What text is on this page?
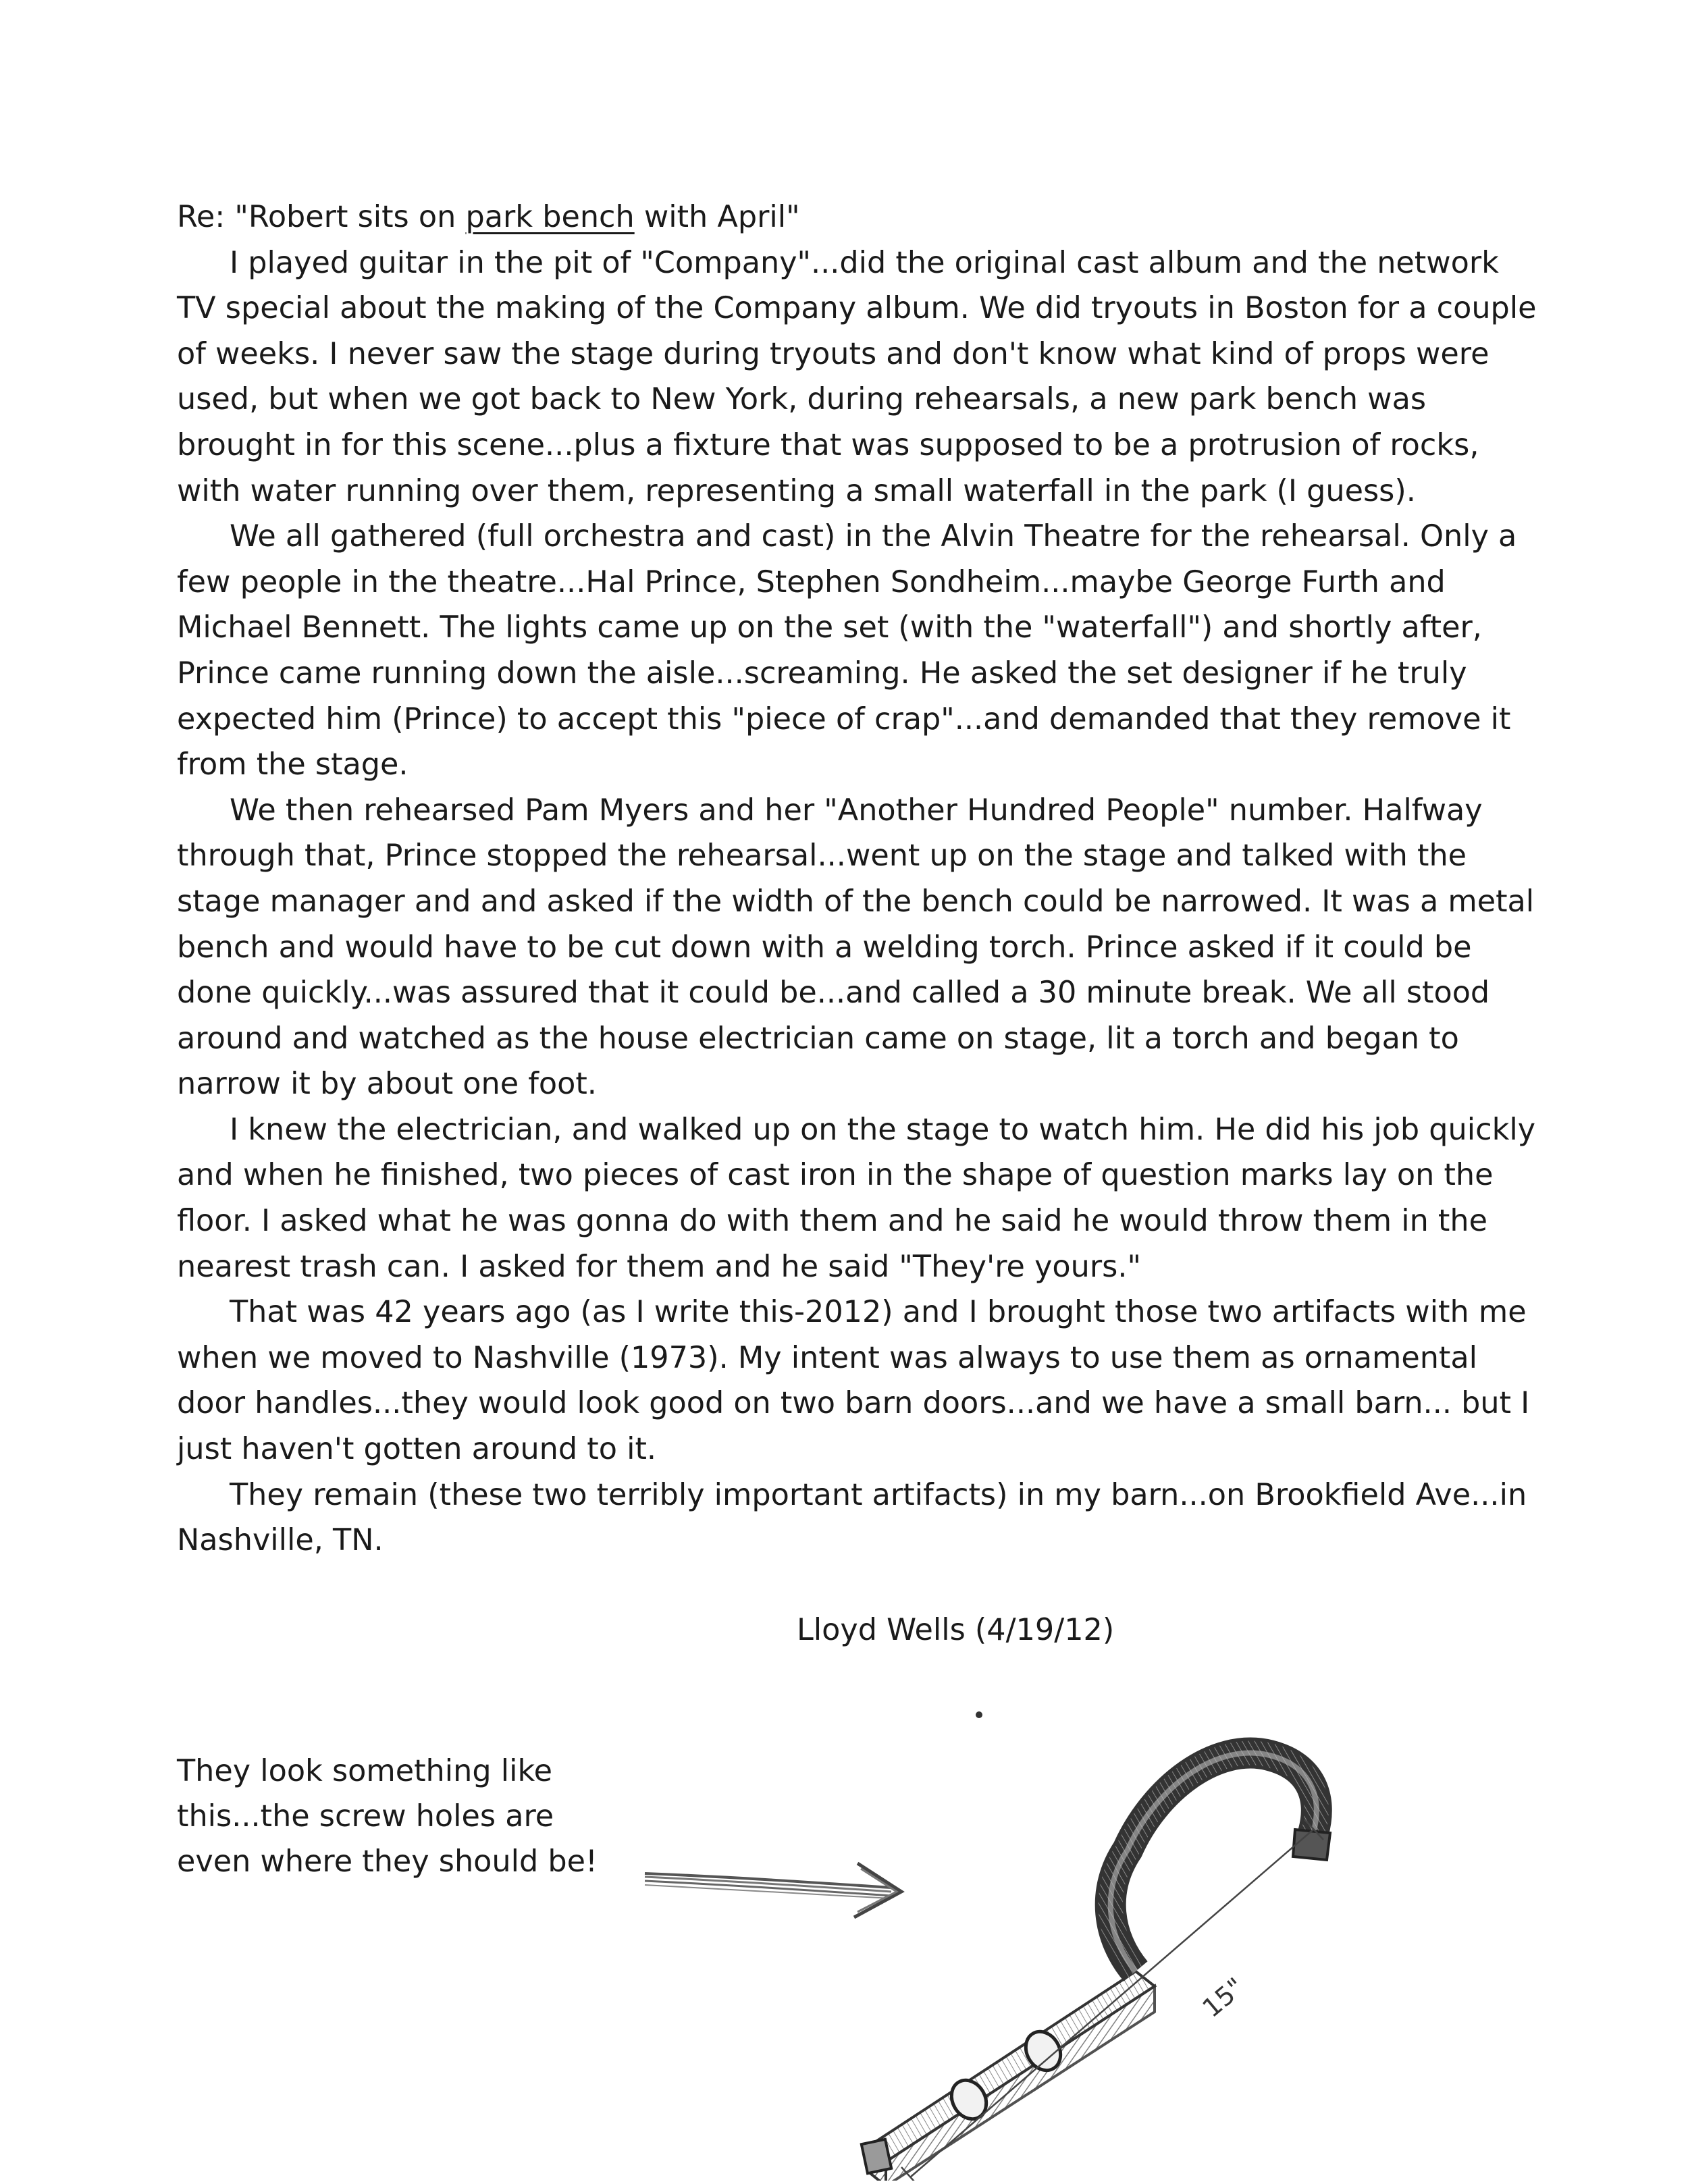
Re: "Robert sits on park bench with April"

I played guitar in the pit of "Company"...did the original cast album and the network TV special about the making of the Company album. We did tryouts in Boston for a couple of weeks. I never saw the stage during tryouts and don't know what kind of props were used, but when we got back to New York, during rehearsals, a new park bench was brought in for this scene...plus a fixture that was supposed to be a protrusion of rocks, with water running over them, representing a small waterfall in the park (I guess).

We all gathered (full orchestra and cast) in the Alvin Theatre for the rehearsal. Only a few people in the theatre...Hal Prince, Stephen Sondheim...maybe George Furth and Michael Bennett. The lights came up on the set (with the "waterfall") and shortly after, Prince came running down the aisle...screaming. He asked the set designer if he truly expected him (Prince) to accept this "piece of crap"...and demanded that they remove it from the stage.

We then rehearsed Pam Myers and her "Another Hundred People" number. Halfway through that, Prince stopped the rehearsal...went up on the stage and talked with the stage manager and and asked if the width of the bench could be narrowed. It was a metal bench and would have to be cut down with a welding torch. Prince asked if it could be done quickly...was assured that it could be...and called a 30 minute break. We all stood around and watched as the house electrician came on stage, lit a torch and began to narrow it by about one foot.

I knew the electrician, and walked up on the stage to watch him. He did his job quickly and when he finished, two pieces of cast iron in the shape of question marks lay on the floor. I asked what he was gonna do with them and he said he would throw them in the nearest trash can. I asked for them and he said "They're yours."

That was 42 years ago (as I write this-2012) and I brought those two artifacts with me when we moved to Nashville (1973). My intent was always to use them as ornamental door handles...they would look good on two barn doors...and we have a small barn... but I just haven't gotten around to it.

They remain (these two terribly important artifacts) in my barn...on Brookfield Ave...in Nashville, TN.

Lloyd Wells (4/19/12)
They look something like
this...the screw holes are
even where they should be!
15"
